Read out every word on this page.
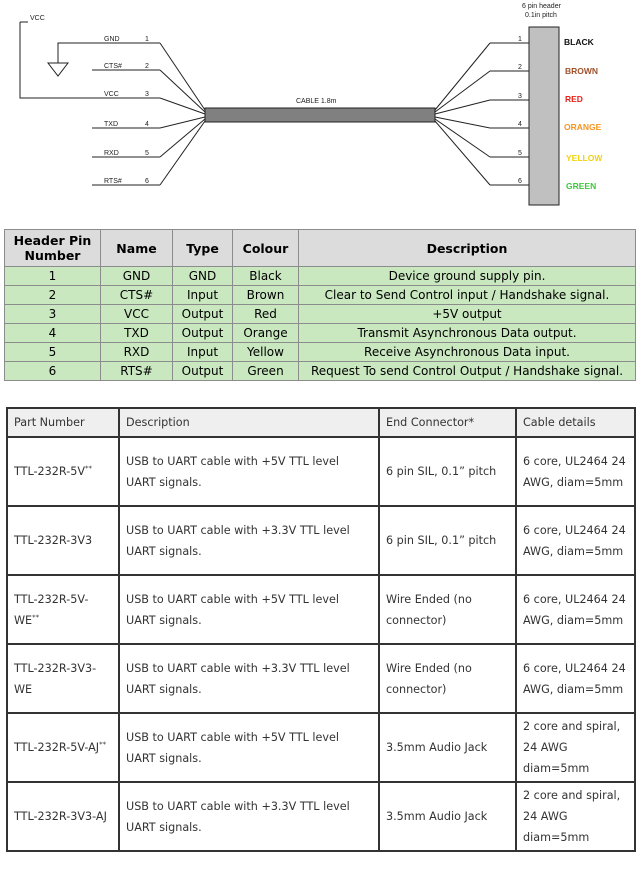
VCC
CABLE 1.8m
6 pin header
0.1in pitch
GND	1
CTS#	2
VCC	3
TXD	4
RXD	5
RTS#	6
1
2
3
4
5
6
BLACK
BROWN
RED
ORANGE
YELLOW
GREEN
Header Pin Number	Name	Type	Colour	Description
1	GND	GND	Black	Device ground supply pin.
2	CTS#	Input	Brown	Clear to Send Control input / Handshake signal.
3	VCC	Output	Red	+5V output
4	TXD	Output	Orange	Transmit Asynchronous Data output.
5	RXD	Input	Yellow	Receive Asynchronous Data input.
6	RTS#	Output	Green	Request To send Control Output / Handshake signal.
Part Number	Description	End Connector*	Cable details
TTL-232R-5V**	USB to UART cable with +5V TTL level UART signals.	6 pin SIL, 0.1” pitch	6 core, UL2464 24 AWG, diam=5mm
TTL-232R-3V3	USB to UART cable with +3.3V TTL level UART signals.	6 pin SIL, 0.1” pitch	6 core, UL2464 24 AWG, diam=5mm
TTL-232R-5V-WE**	USB to UART cable with +5V TTL level UART signals.	Wire Ended (no connector)	6 core, UL2464 24 AWG, diam=5mm
TTL-232R-3V3-WE	USB to UART cable with +3.3V TTL level UART signals.	Wire Ended (no connector)	6 core, UL2464 24 AWG, diam=5mm
TTL-232R-5V-AJ**	USB to UART cable with +5V TTL level UART signals.	3.5mm Audio Jack	2 core and spiral, 24 AWG diam=5mm
TTL-232R-3V3-AJ	USB to UART cable with +3.3V TTL level UART signals.	3.5mm Audio Jack	2 core and spiral, 24 AWG diam=5mm
